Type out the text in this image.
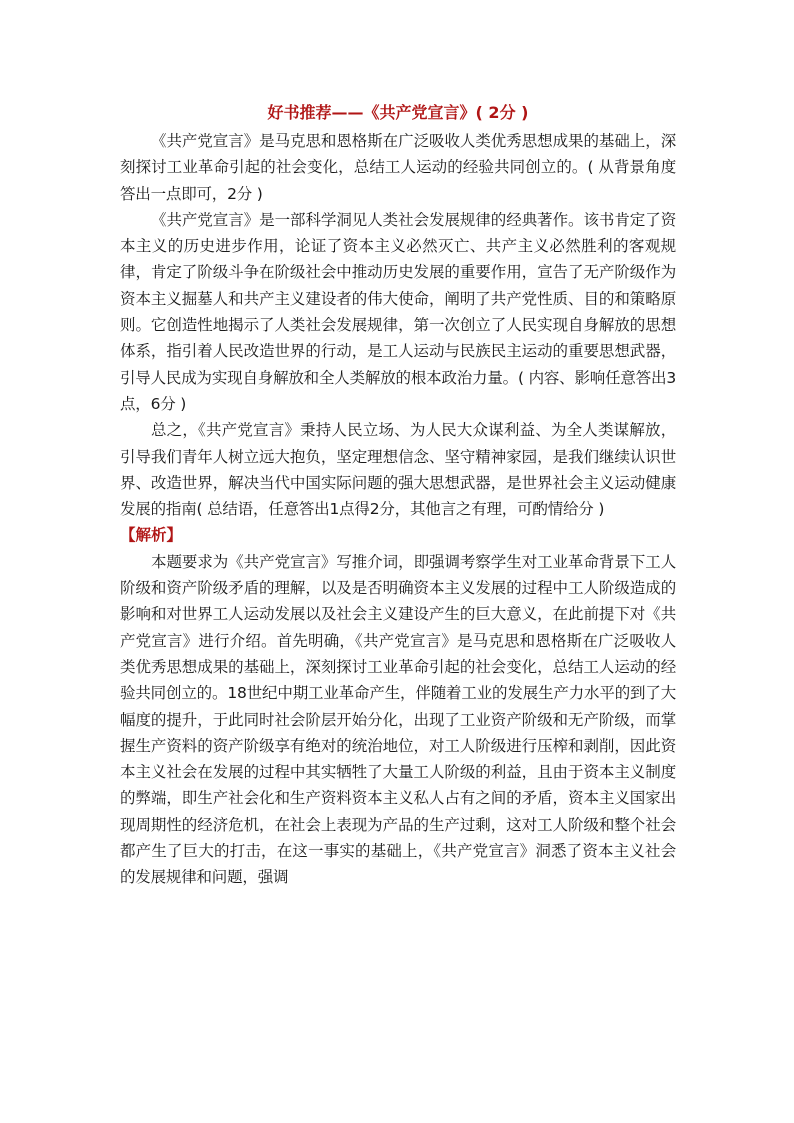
好书推荐——《共产党宣言》( 2分 )

《共产党宣言》是马克思和恩格斯在广泛吸收人类优秀思想成果的基础上，深刻探讨工业革命引起的社会变化，总结工人运动的经验共同创立的。( 从背景角度答出一点即可，2分 )

《共产党宣言》是一部科学洞见人类社会发展规律的经典著作。该书肯定了资本主义的历史进步作用，论证了资本主义必然灭亡、共产主义必然胜利的客观规律，肯定了阶级斗争在阶级社会中推动历史发展的重要作用，宣告了无产阶级作为资本主义掘墓人和共产主义建设者的伟大使命，阐明了共产党性质、目的和策略原则。它创造性地揭示了人类社会发展规律，第一次创立了人民实现自身解放的思想体系，指引着人民改造世界的行动，是工人运动与民族民主运动的重要思想武器，引导人民成为实现自身解放和全人类解放的根本政治力量。( 内容、影响任意答出3点，6分 )

总之，《共产党宣言》秉持人民立场、为人民大众谋利益、为全人类谋解放，引导我们青年人树立远大抱负，坚定理想信念、坚守精神家园，是我们继续认识世界、改造世界，解决当代中国实际问题的强大思想武器，是世界社会主义运动健康发展的指南( 总结语，任意答出1点得2分，其他言之有理，可酌情给分 )

【解析】

本题要求为《共产党宣言》写推介词，即强调考察学生对工业革命背景下工人阶级和资产阶级矛盾的理解，以及是否明确资本主义发展的过程中工人阶级造成的影响和对世界工人运动发展以及社会主义建设产生的巨大意义，在此前提下对《共产党宣言》进行介绍。首先明确，《共产党宣言》是马克思和恩格斯在广泛吸收人类优秀思想成果的基础上，深刻探讨工业革命引起的社会变化，总结工人运动的经验共同创立的。18世纪中期工业革命产生，伴随着工业的发展生产力水平的到了大幅度的提升，于此同时社会阶层开始分化，出现了工业资产阶级和无产阶级，而掌握生产资料的资产阶级享有绝对的统治地位，对工人阶级进行压榨和剥削，因此资本主义社会在发展的过程中其实牺牲了大量工人阶级的利益，且由于资本主义制度的弊端，即生产社会化和生产资料资本主义私人占有之间的矛盾，资本主义国家出现周期性的经济危机，在社会上表现为产品的生产过剩，这对工人阶级和整个社会都产生了巨大的打击，在这一事实的基础上，《共产党宣言》洞悉了资本主义社会的发展规律和问题，强调
